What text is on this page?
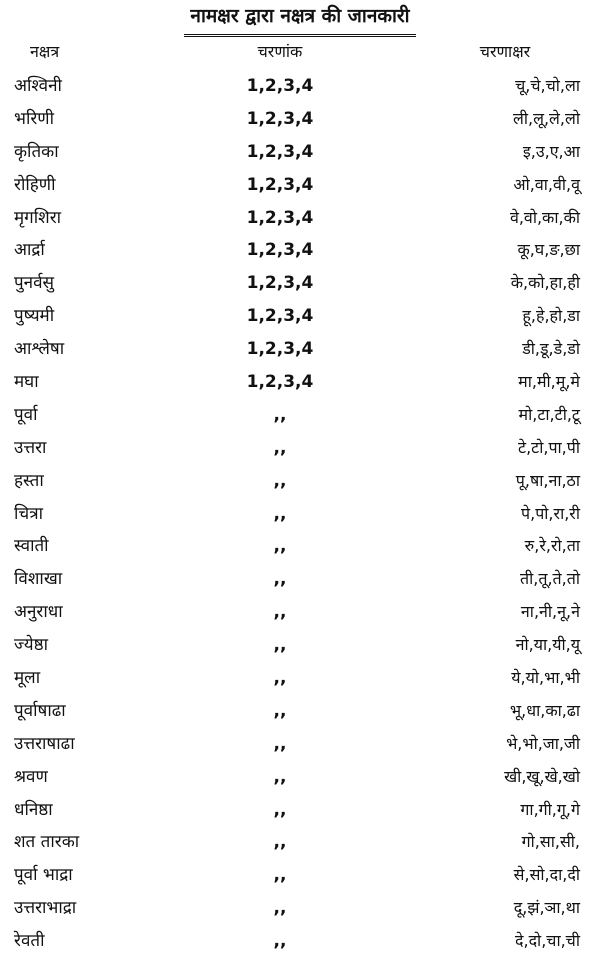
नामक्षर द्वारा नक्षत्र की जानकारी
नक्षत्र	चरणांक	चरणाक्षर
अश्विनी	1,2,3,4	चू,चे,चो,ला
भरिणी	1,2,3,4	ली,लू,ले,लो
कृतिका	1,2,3,4	इ,उ,ए,आ
रोहिणी	1,2,3,4	ओ,वा,वी,वू
मृगशिरा	1,2,3,4	वे,वो,का,की
आर्द्रा	1,2,3,4	कू,घ,ङ,छा
पुनर्वसु	1,2,3,4	के,को,हा,ही
पुष्यमी	1,2,3,4	हू,हे,हो,डा
आश्लेषा	1,2,3,4	डी,डू,डे,डो
मघा	1,2,3,4	मा,मी,मू,मे
पूर्वा	,,	मो,टा,टी,टू
उत्तरा	,,	टे,टो,पा,पी
हस्ता	,,	पू,षा,ना,ठा
चित्रा	,,	पे,पो,रा,री
स्वाती	,,	रु,रे,रो,ता
विशाखा	,,	ती,तू,ते,तो
अनुराधा	,,	ना,नी,नू,ने
ज्येष्ठा	,,	नो,या,यी,यू
मूला	,,	ये,यो,भा,भी
पूर्वाषाढा	,,	भू,धा,का,ढा
उत्तराषाढा	,,	भे,भो,जा,जी
श्रवण	,,	खी,खू,खे,खो
धनिष्ठा	,,	गा,गी,गू,गे
शत तारका	,,	गो,सा,सी,
पूर्वा भाद्रा	,,	से,सो,दा,दी
उत्तराभाद्रा	,,	दू,झं,ञा,था
रेवती	,,	दे,दो,चा,ची
